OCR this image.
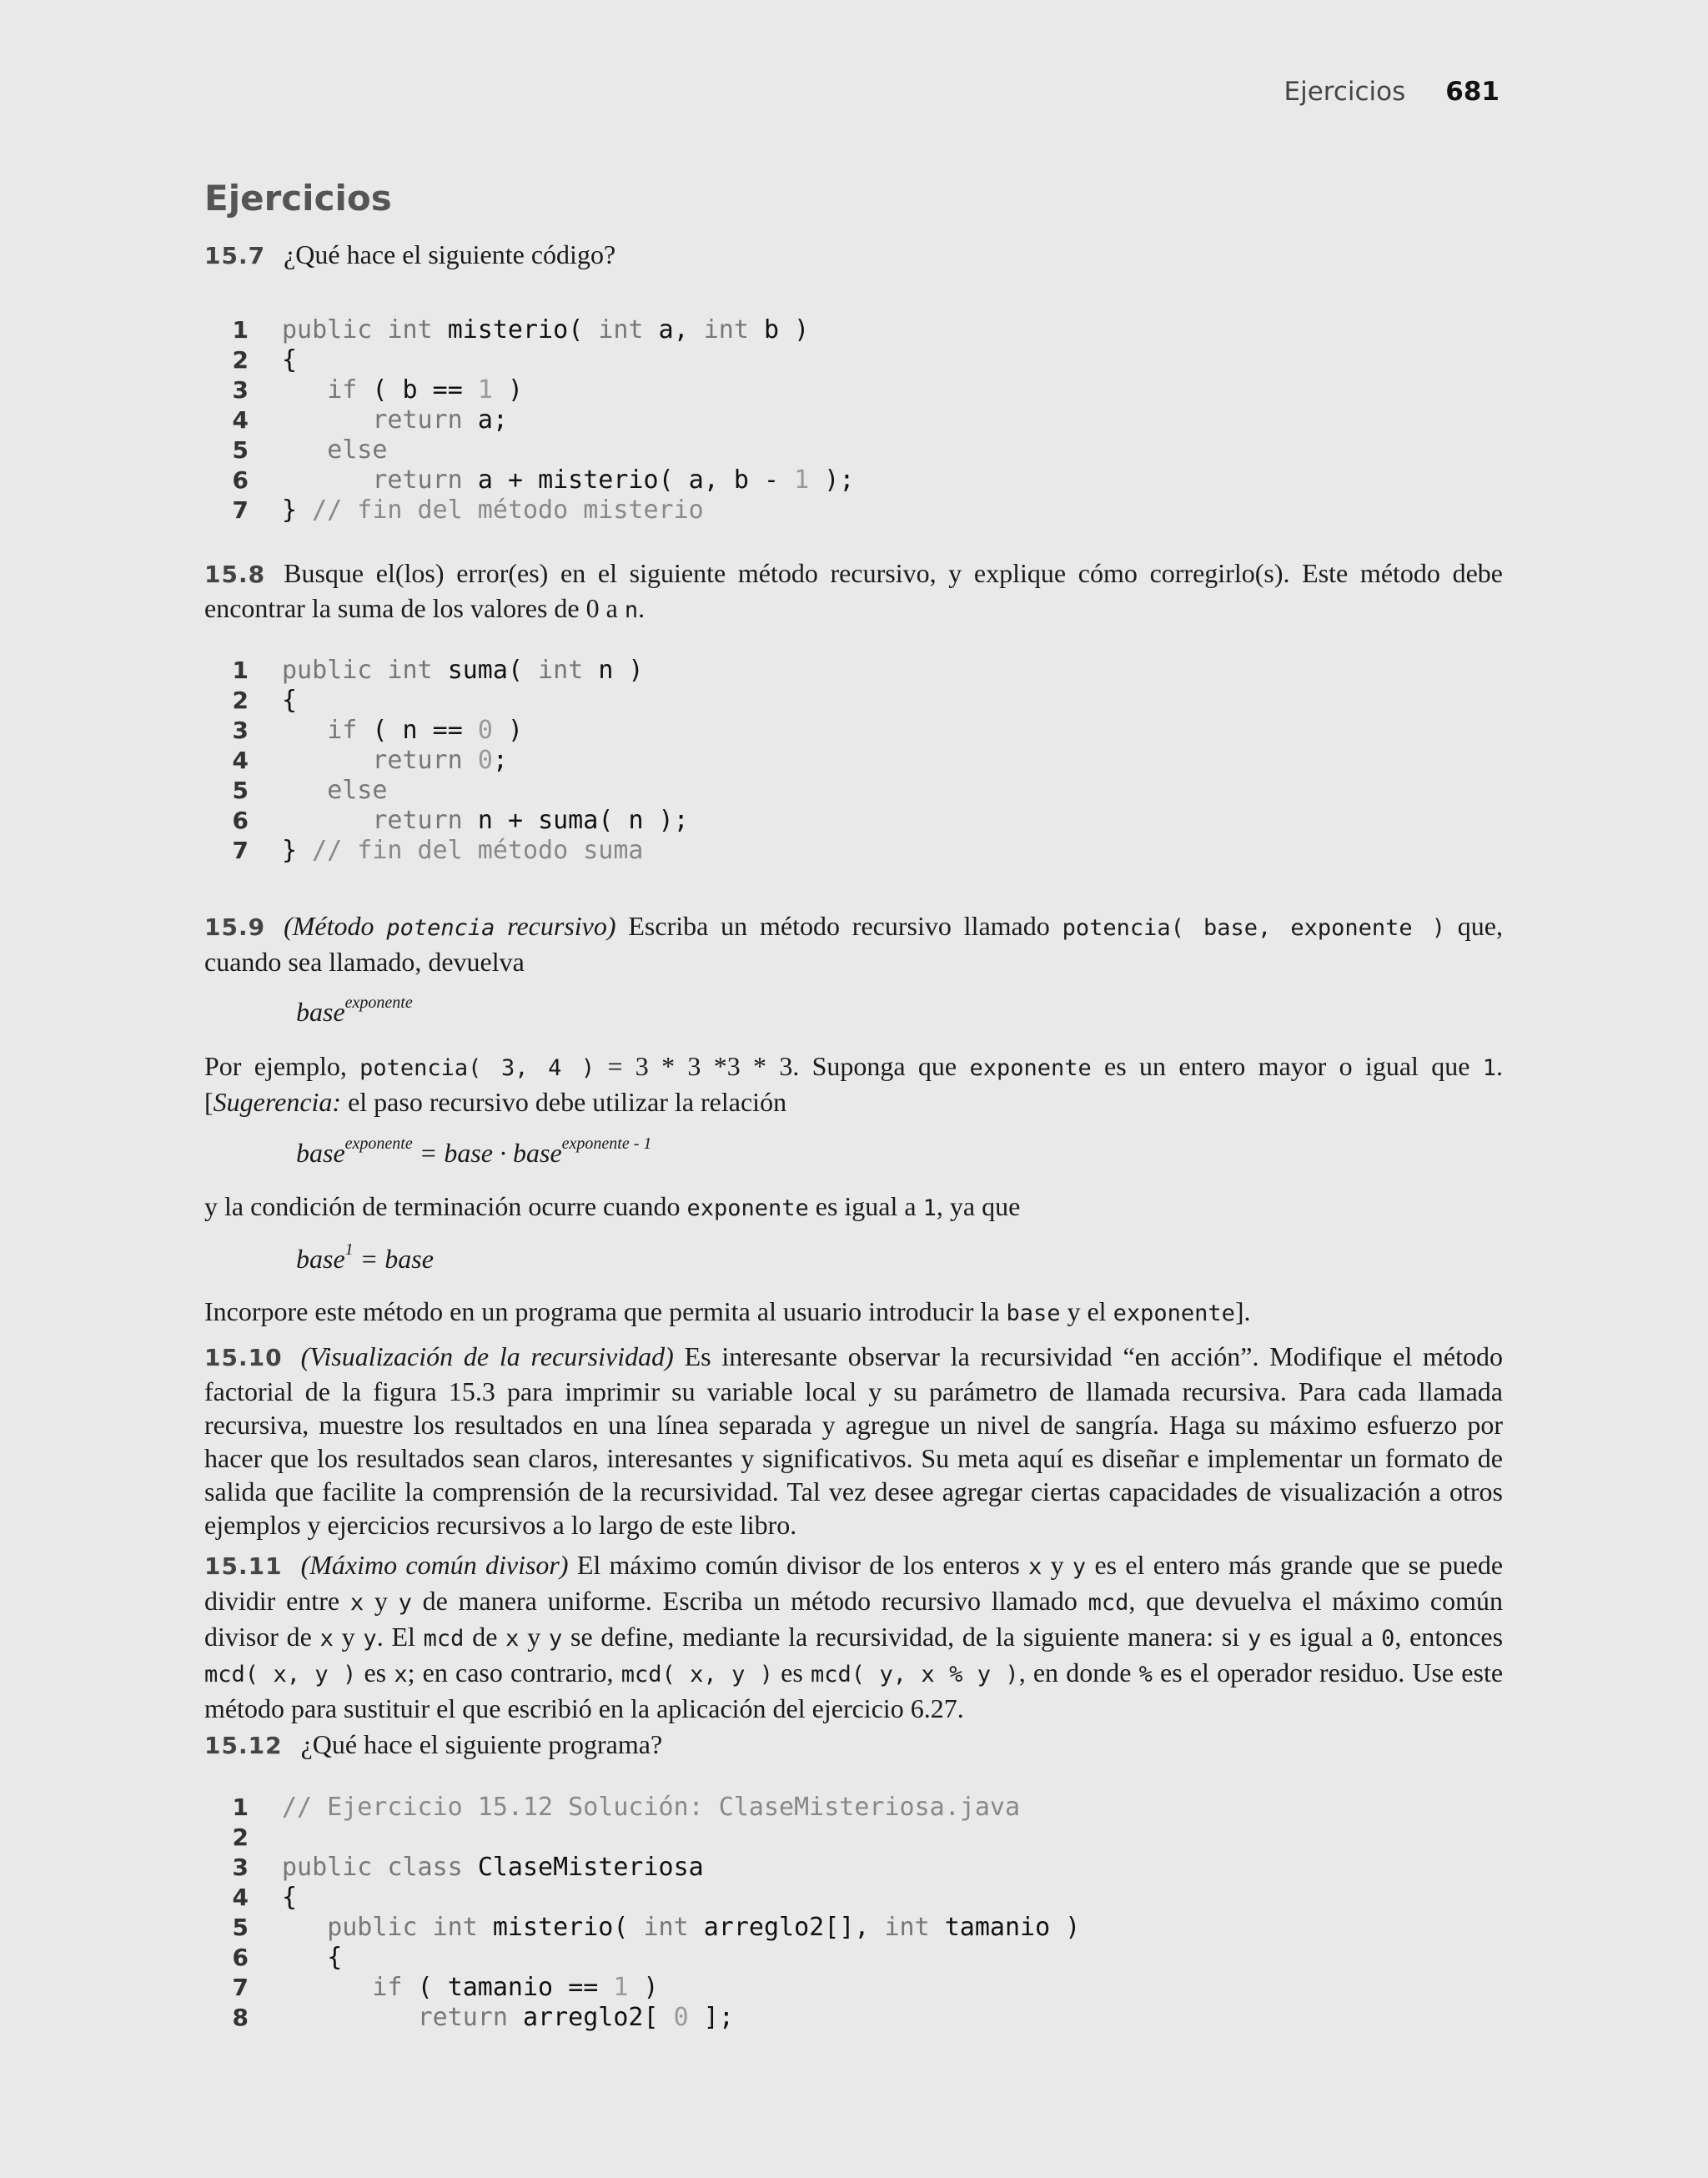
Ejercicios 681
Ejercicios

15.7 ¿Qué hace el siguiente código?

1 public int misterio( int a, int b )
2 {
3	if ( b == 1 )
4	return a;
5	else
6	return a + misterio( a, b - 1 );
7 } // fin del método misterio

15.8 Busque el(los) error(es) en el siguiente método recursivo, y explique cómo corregirlo(s). Este método debe encontrar la suma de los valores de 0 a n.

1 public int suma( int n )
2 {
3	if ( n == 0 )
4	return 0;
5	else
6	return n + suma( n );
7 } // fin del método suma

15.9 (Método potencia recursivo) Escriba un método recursivo llamado potencia( base, exponente ) que, cuando sea llamado, devuelva

base$^{exponente}$

Por ejemplo, potencia( 3, 4 ) = 3 * 3 *3 * 3. Suponga que exponente es un entero mayor o igual que 1. [Sugerencia: el paso recursivo debe utilizar la relación

base$^{exponente}$ = base · base$^{exponente - 1}$

y la condición de terminación ocurre cuando exponente es igual a 1, ya que

base$^1$ = base

Incorpore este método en un programa que permita al usuario introducir la base y el exponente].

15.10 (Visualización de la recursividad) Es interesante observar la recursividad “en acción”. Modifique el método factorial de la figura 15.3 para imprimir su variable local y su parámetro de llamada recursiva. Para cada llamada recursiva, muestre los resultados en una línea separada y agregue un nivel de sangría. Haga su máximo esfuerzo por hacer que los resultados sean claros, interesantes y significativos. Su meta aquí es diseñar e implementar un formato de salida que facilite la comprensión de la recursividad. Tal vez desee agregar ciertas capacidades de visualización a otros ejemplos y ejercicios recursivos a lo largo de este libro.

15.11 (Máximo común divisor) El máximo común divisor de los enteros x y y es el entero más grande que se puede dividir entre x y y de manera uniforme. Escriba un método recursivo llamado mcd, que devuelva el máximo común divisor de x y y. El mcd de x y y se define, mediante la recursividad, de la siguiente manera: si y es igual a 0, entonces mcd( x, y ) es x; en caso contrario, mcd( x, y ) es mcd( y, x % y ), en donde % es el operador residuo. Use este método para sustituir el que escribió en la aplicación del ejercicio 6.27.

15.12 ¿Qué hace el siguiente programa?

1 // Ejercicio 15.12 Solución: ClaseMisteriosa.java
2
3 public class ClaseMisteriosa
4 {
5	public int misterio( int arreglo2[], int tamanio )
6	{
7	if ( tamanio == 1 )
8	return arreglo2[ 0 ];
